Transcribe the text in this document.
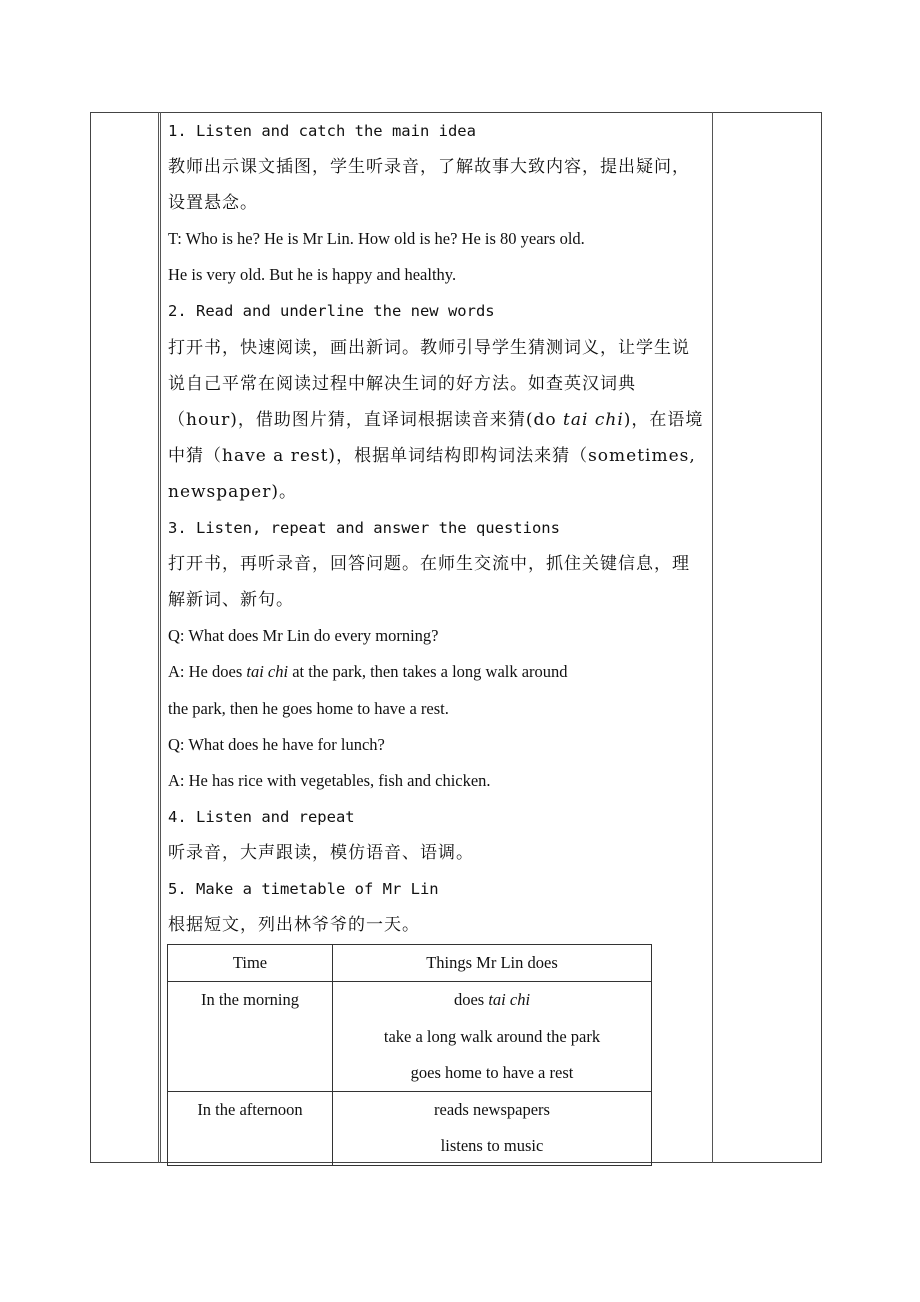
1. Listen and catch the main idea
教师出示课文插图，学生听录音，了解故事大致内容，提出疑问，
设置悬念。
T: Who is he? He is Mr Lin. How old is he? He is 80 years old.
He is very old. But he is happy and healthy.
2. Read and underline the new words
打开书，快速阅读，画出新词。教师引导学生猜测词义，让学生说
说自己平常在阅读过程中解决生词的好方法。如查英汉词典
（hour)，借助图片猜，直译词根据读音来猜(do tai chi)，在语境
中猜（have a rest)，根据单词结构即构词法来猜（sometimes,
newspaper)。
3. Listen, repeat and answer the questions
打开书，再听录音，回答问题。在师生交流中，抓住关键信息，理
解新词、新句。
Q: What does Mr Lin do every morning?
A: He does tai chi at the park, then takes a long walk around
the park, then he goes home to have a rest.
Q: What does he have for lunch?
A: He has rice with vegetables, fish and chicken.
4. Listen and repeat
听录音，大声跟读，模仿语音、语调。
5. Make a timetable of Mr Lin
根据短文，列出林爷爷的一天。
Time	Things Mr Lin does
In the morning	does tai chi
take a long walk around the park
goes home to have a rest

In the afternoon	reads newspapers
listens to music
